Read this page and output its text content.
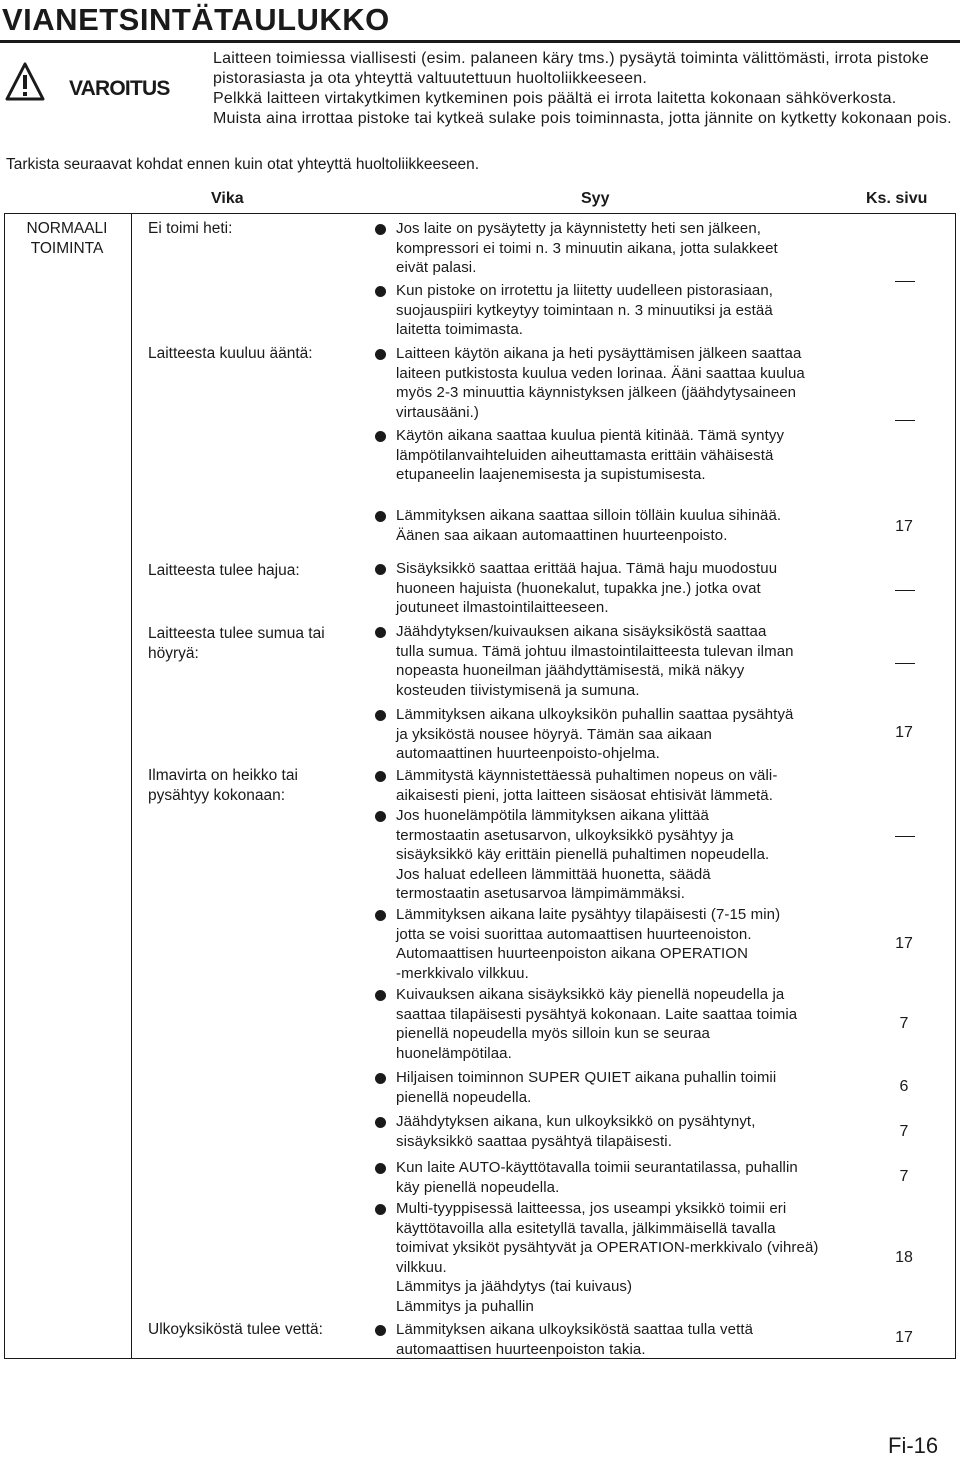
VIANETSINTÄTAULUKKO
VAROITUS

Laitteen toimiessa viallisesti (esim. palaneen käry tms.) pysäytä toiminta välittömästi, irrota pistoke pistorasiasta ja ota yhteyttä valtuutettuun huoltoliikkeeseen.

Pelkkä laitteen virtakytkimen kytkeminen pois päältä ei irrota laitetta kokonaan sähköverkosta.

Muista aina irrottaa pistoke tai kytkeä sulake pois toiminnasta, jotta jännite on kytketty kokonaan pois.

Tarkista seuraavat kohdat ennen kuin otat yhteyttä huoltoliikkeeseen.
Vika	Syy	Ks. sivu
NORMAALI
TOIMINTA
Ei toimi heti:
Laitteesta kuuluu ääntä:
Laitteesta tulee hajua:
Laitteesta tulee sumua tai
höyryä:
Ilmavirta on heikko tai
pysähtyy kokonaan:
Ulkoyksiköstä tulee vettä:
Jos laite on pysäytetty ja käynnistetty heti sen jälkeen,
kompressori ei toimi n. 3 minuutin aikana, jotta sulakkeet
eivät palasi.
Kun pistoke on irrotettu ja liitetty uudelleen pistorasiaan,
suojauspiiri kytkeytyy toimintaan n. 3 minuutiksi ja estää
laitetta toimimasta.
Laitteen käytön aikana ja heti pysäyttämisen jälkeen saattaa
laiteen putkistosta kuulua veden lorinaa. Ääni saattaa kuulua
myös 2-3 minuuttia käynnistyksen jälkeen (jäähdytysaineen
virtausääni.)
Käytön aikana saattaa kuulua pientä kitinää. Tämä syntyy
lämpötilanvaihteluiden aiheuttamasta erittäin vähäisestä
etupaneelin laajenemisesta ja supistumisesta.
Lämmityksen aikana saattaa silloin tölläin kuulua sihinää.
Äänen saa aikaan automaattinen huurteenpoisto.
Sisäyksikkö saattaa erittää hajua. Tämä haju muodostuu
huoneen hajuista (huonekalut, tupakka jne.) jotka ovat
joutuneet ilmastointilaitteeseen.
Jäähdytyksen/kuivauksen aikana sisäyksiköstä saattaa
tulla sumua. Tämä johtuu ilmastointilaitteesta tulevan ilman
nopeasta huoneilman jäähdyttämisestä, mikä näkyy
kosteuden tiivistymisenä ja sumuna.
Lämmityksen aikana ulkoyksikön puhallin saattaa pysähtyä
ja yksiköstä nousee höyryä. Tämän saa aikaan
automaattinen huurteenpoisto-ohjelma.
Lämmitystä käynnistettäessä puhaltimen nopeus on väli-
aikaisesti pieni, jotta laitteen sisäosat ehtisivät lämmetä.
Jos huonelämpötila lämmityksen aikana ylittää
termostaatin asetusarvon, ulkoyksikkö pysähtyy ja
sisäyksikkö käy erittäin pienellä puhaltimen nopeudella.
Jos haluat edelleen lämmittää huonetta, säädä
termostaatin asetusarvoa lämpimämmäksi.
Lämmityksen aikana laite pysähtyy tilapäisesti (7-15 min)
jotta se voisi suorittaa automaattisen huurteenoiston.
Automaattisen huurteenpoiston aikana OPERATION
-merkkivalo vilkkuu.
Kuivauksen aikana sisäyksikkö käy pienellä nopeudella ja
saattaa tilapäisesti pysähtyä kokonaan. Laite saattaa toimia
pienellä nopeudella myös silloin kun se seuraa
huonelämpötilaa.
Hiljaisen toiminnon SUPER QUIET aikana puhallin toimii
pienellä nopeudella.
Jäähdytyksen aikana, kun ulkoyksikkö on pysähtynyt,
sisäyksikkö saattaa pysähtyä tilapäisesti.
Kun laite AUTO-käyttötavalla toimii seurantatilassa, puhallin
käy pienellä nopeudella.
Multi-tyyppisessä laitteessa, jos useampi yksikkö toimii eri
käyttötavoilla alla esitetyllä tavalla, jälkimmäisellä tavalla
toimivat yksiköt pysähtyvät ja OPERATION-merkkivalo (vihreä)
vilkkuu.
Lämmitys ja jäähdytys (tai kuivaus)
Lämmitys ja puhallin
Lämmityksen aikana ulkoyksiköstä saattaa tulla vettä
automaattisen huurteenpoiston takia.
17
17
17
7
6
7
7
18
17
Fi-16
